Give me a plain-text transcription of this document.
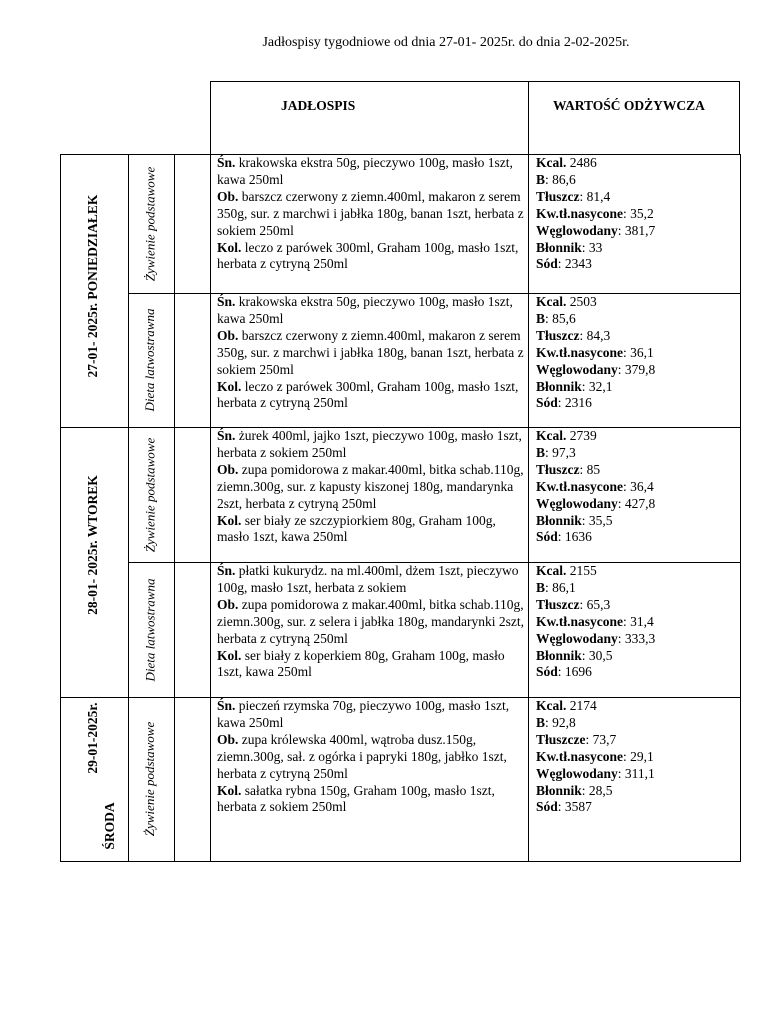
Jadłospisy tygodniowe od dnia 27-01- 2025r. do dnia 2-02-2025r.
JADŁOSPIS	WARTOŚĆ ODŻYWCZA
Żywienie podstawowe
Śn. krakowska ekstra 50g, pieczywo 100g, masło 1szt, kawa 250ml
Ob. barszcz czerwony z ziemn.400ml, makaron z serem 350g, sur. z marchwi i jabłka 180g, banan 1szt, herbata z sokiem 250ml
Kol. leczo z parówek 300ml, Graham 100g, masło 1szt, herbata z cytryną 250ml
Kcal. 2486
B: 86,6
Tłuszcz: 81,4
Kw.tł.nasycone: 35,2
Węglowodany: 381,7
Błonnik: 33
Sód: 2343
Dieta latwostrawna
Śn. krakowska ekstra 50g, pieczywo 100g, masło 1szt, kawa 250ml
Ob. barszcz czerwony z ziemn.400ml, makaron z serem 350g, sur. z marchwi i jabłka 180g, banan 1szt, herbata z sokiem 250ml
Kol. leczo z parówek 300ml, Graham 100g, masło 1szt, herbata z cytryną 250ml
Kcal. 2503
B: 85,6
Tłuszcz: 84,3
Kw.tł.nasycone: 36,1
Węglowodany: 379,8
Błonnik: 32,1
Sód: 2316
Żywienie podstawowe
Śn. żurek 400ml, jajko 1szt, pieczywo 100g, masło 1szt, herbata z sokiem 250ml
Ob. zupa pomidorowa z makar.400ml, bitka schab.110g, ziemn.300g, sur. z kapusty kiszonej 180g, mandarynka 2szt, herbata z cytryną 250ml
Kol. ser biały ze szczypiorkiem 80g, Graham 100g, masło 1szt, kawa 250ml
Kcal. 2739
B: 97,3
Tłuszcz: 85
Kw.tł.nasycone: 36,4
Węglowodany: 427,8
Błonnik: 35,5
Sód: 1636
Dieta latwostrawna
Śn. płatki kukurydz. na ml.400ml, dżem 1szt, pieczywo 100g, masło 1szt, herbata z sokiem
Ob. zupa pomidorowa z makar.400ml, bitka schab.110g, ziemn.300g, sur. z selera i jabłka 180g, mandarynki 2szt, herbata z cytryną 250ml
Kol. ser biały z koperkiem 80g, Graham 100g, masło 1szt, kawa 250ml
Kcal. 2155
B: 86,1
Tłuszcz: 65,3
Kw.tł.nasycone: 31,4
Węglowodany: 333,3
Błonnik: 30,5
Sód: 1696
Żywienie podstawowe
Śn. pieczeń rzymska 70g, pieczywo 100g, masło 1szt, kawa 250ml
Ob. zupa królewska 400ml, wątroba dusz.150g, ziemn.300g, sał. z ogórka i papryki 180g, jabłko 1szt, herbata z cytryną 250ml
Kol. sałatka rybna 150g, Graham 100g, masło 1szt, herbata z sokiem 250ml
Kcal. 2174
B: 92,8
Tłuszcze: 73,7
Kw.tł.nasycone: 29,1
Węglowodany: 311,1
Błonnik: 28,5
Sód: 3587
27-01- 2025r. PONIEDZIAŁEK
28-01- 2025r. WTOREK
29-01-2025r.
ŚRODA
